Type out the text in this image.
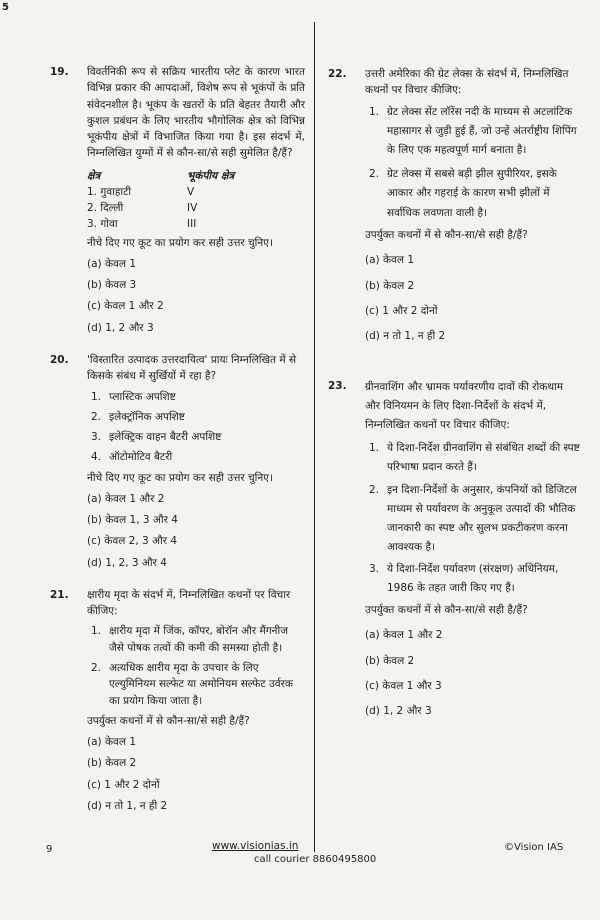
5
19. विवर्तनिकी रूप से सक्रिय भारतीय प्लेट के कारण भारत विभिन्न प्रकार की आपदाओं, विशेष रूप से भूकंपों के प्रति संवेदनशील है। भूकंप के खतरों के प्रति बेहतर तैयारी और कुशल प्रबंधन के लिए भारतीय भौगोलिक क्षेत्र को विभिन्न भूकंपीय क्षेत्रों में विभाजित किया गया है। इस संदर्भ में, निम्नलिखित युग्मों में से कौन-सा/से सही सुमेलित है/हैं?
क्षेत्र	भूकंपीय क्षेत्र
1. गुवाहाटी	V
2. दिल्ली	IV
3. गोवा	III
नीचे दिए गए कूट का प्रयोग कर सही उत्तर चुनिए।
(a) केवल 1
(b) केवल 3
(c) केवल 1 और 2
(d) 1, 2 और 3
20. 'विस्तारित उत्पादक उत्तरदायित्व' प्रायः निम्नलिखित में से किसके संबंध में सुर्खियों में रहा है?
1. प्लास्टिक अपशिष्ट
2. इलेक्ट्रॉनिक अपशिष्ट
3. इलेक्ट्रिक वाहन बैटरी अपशिष्ट
4. ऑटोमोटिव बैटरी
नीचे दिए गए कूट का प्रयोग कर सही उत्तर चुनिए।
(a) केवल 1 और 2
(b) केवल 1, 3 और 4
(c) केवल 2, 3 और 4
(d) 1, 2, 3 और 4
21. क्षारीय मृदा के संदर्भ में, निम्नलिखित कथनों पर विचार कीजिए:
1. क्षारीय मृदा में जिंक, कॉपर, बोरॉन और मैंगनीज जैसे पोषक तत्वों की कमी की समस्या होती है।
2. अत्यधिक क्षारीय मृदा के उपचार के लिए एल्युमिनियम सल्फेट या अमोनियम सल्फेट उर्वरक का प्रयोग किया जाता है।
उपर्युक्त कथनों में से कौन-सा/से सही है/हैं?
(a) केवल 1
(b) केवल 2
(c) 1 और 2 दोनों
(d) न तो 1, न ही 2
22. उत्तरी अमेरिका की ग्रेट लेक्स के संदर्भ में, निम्नलिखित कथनों पर विचार कीजिए:
1. ग्रेट लेक्स सेंट लॉरेंस नदी के माध्यम से अटलांटिक महासागर से जुड़ी हुई हैं, जो उन्हें अंतर्राष्ट्रीय शिपिंग के लिए एक महत्वपूर्ण मार्ग बनाता है।
2. ग्रेट लेक्स में सबसे बड़ी झील सुपीरियर, इसके आकार और गहराई के कारण सभी झीलों में सर्वाधिक लवणता वाली है।
उपर्युक्त कथनों में से कौन-सा/से सही है/हैं?
(a) केवल 1
(b) केवल 2
(c) 1 और 2 दोनों
(d) न तो 1, न ही 2
23. ग्रीनवाशिंग और भ्रामक पर्यावरणीय दावों की रोकथाम और विनियमन के लिए दिशा-निर्देशों के संदर्भ में, निम्नलिखित कथनों पर विचार कीजिए:
1. ये दिशा-निर्देश ग्रीनवाशिंग से संबंधित शब्दों की स्पष्ट परिभाषा प्रदान करते हैं।
2. इन दिशा-निर्देशों के अनुसार, कंपनियों को डिजिटल माध्यम से पर्यावरण के अनुकूल उत्पादों की भौतिक जानकारी का स्पष्ट और सुलभ प्रकटीकरण करना आवश्यक है।
3. ये दिशा-निर्देश पर्यावरण (संरक्षण) अधिनियम, 1986 के तहत जारी किए गए हैं।
उपर्युक्त कथनों में से कौन-सा/से सही है/हैं?
(a) केवल 1 और 2
(b) केवल 2
(c) केवल 1 और 3
(d) 1, 2 और 3
9	www.visionias.in
call courier 8860495800
©Vision IAS
